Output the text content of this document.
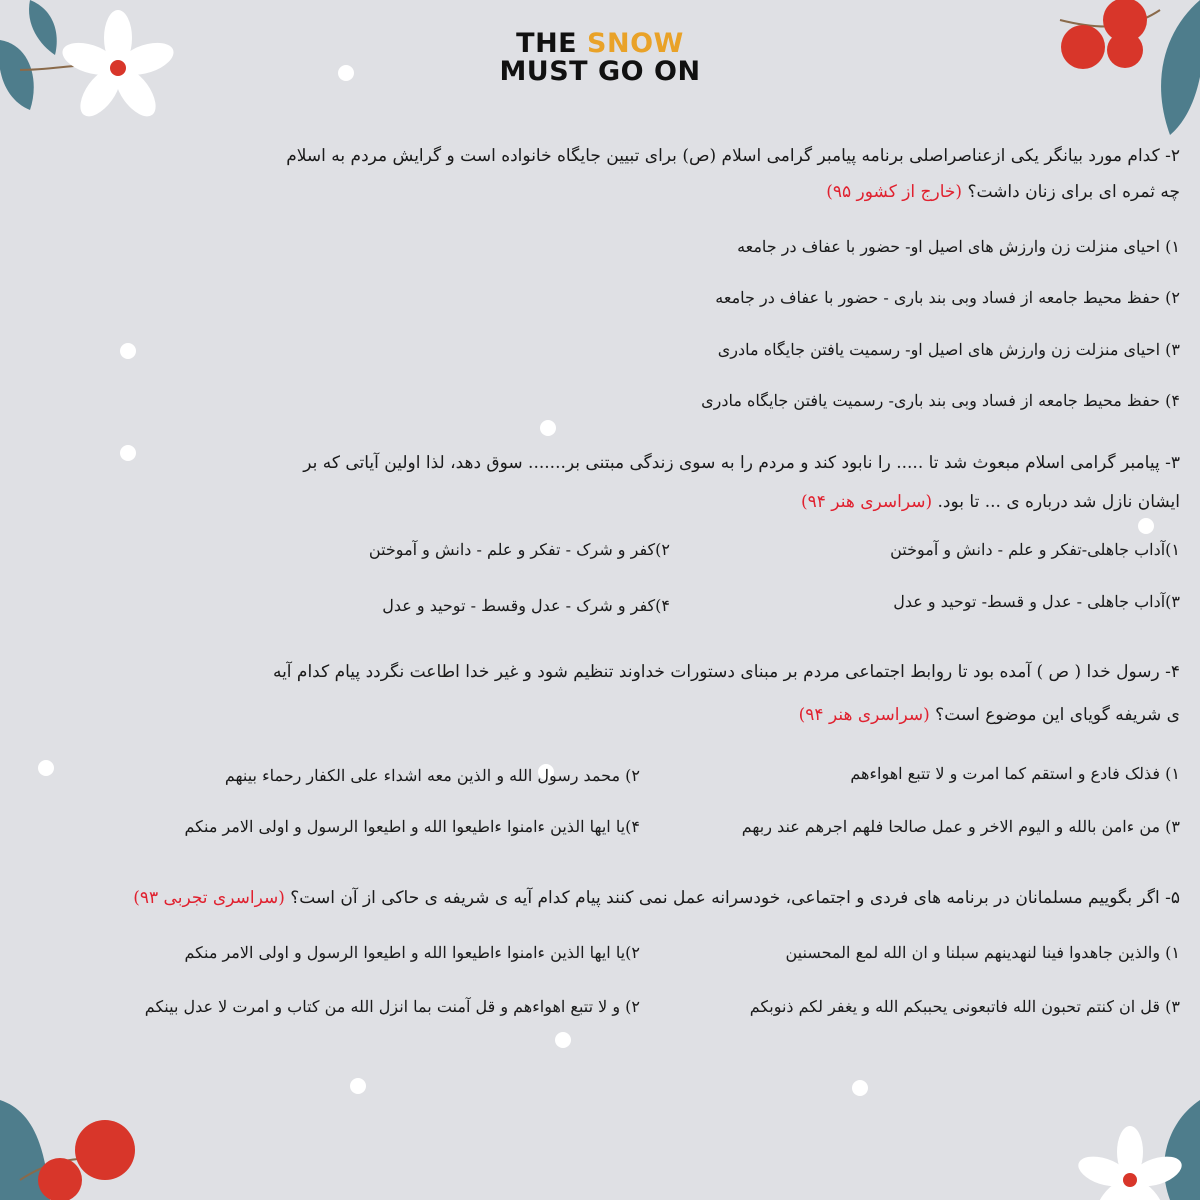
THE SNOW
MUST GO ON
۲- کدام مورد بیانگر یکی ازعناصراصلی برنامه پیامبر گرامی اسلام (ص) برای تبیین جایگاه خانواده است و گرایش مردم به اسلام
چه ثمره ای برای زنان داشت؟ (خارج از کشور ۹۵)
۱) احیای منزلت زن وارزش های اصیل او- حضور با عفاف در جامعه
۲) حفظ محیط جامعه از فساد وبی بند باری - حضور با عفاف در جامعه
۳) احیای منزلت زن وارزش های اصیل او- رسمیت یافتن جایگاه مادری
۴) حفظ محیط جامعه از فساد وبی بند باری- رسمیت یافتن جایگاه مادری
۳- پیامبر گرامی اسلام مبعوث شد تا ..... را نابود کند و مردم را به سوی زندگی مبتنی بر....... سوق دهد، لذا اولین آیاتی که بر
ایشان نازل شد درباره ی ... تا بود. (سراسری هنر ۹۴)
۱)آداب جاهلی-تفکر و علم - دانش و آموختن
۲)کفر و شرک - تفکر و علم - دانش و آموختن
۳)آداب جاهلی - عدل و قسط- توحید و عدل
۴)کفر و شرک - عدل وقسط - توحید و عدل
۴- رسول خدا ( ص ) آمده بود تا روابط اجتماعی مردم بر مبنای دستورات خداوند تنظیم شود و غیر خدا اطاعت نگردد پیام کدام آیه
ی شریفه گویای این موضوع است؟ (سراسری هنر ۹۴)
۱) فذلک فادع و استقم کما امرت و لا تتبع اهواءهم
۲) محمد رسول الله و الذین معه اشداء علی الکفار رحماء بینهم
۳) من ءامن بالله و الیوم الاخر و عمل صالحا فلهم اجرهم عند ربهم
۴)یا ایها الذین ءامنوا ءاطیعوا الله و اطیعوا الرسول و اولی الامر منکم
۵- اگر بگوییم مسلمانان در برنامه های فردی و اجتماعی، خودسرانه عمل نمی کنند پیام کدام آیه ی شریفه ی حاکی از آن است؟ (سراسری تجربی ۹۳)
۱) والذین جاهدوا فینا لنهدینهم سبلنا و ان الله لمع المحسنین
۲)یا ایها الذین ءامنوا ءاطیعوا الله و اطیعوا الرسول و اولی الامر منکم
۳) قل ان کنتم تحبون الله فاتبعونی یحببکم الله و یغفر لکم ذنوبکم
۲) و لا تتبع اهواءهم و قل آمنت بما انزل الله من کتاب و امرت لا عدل بینکم
